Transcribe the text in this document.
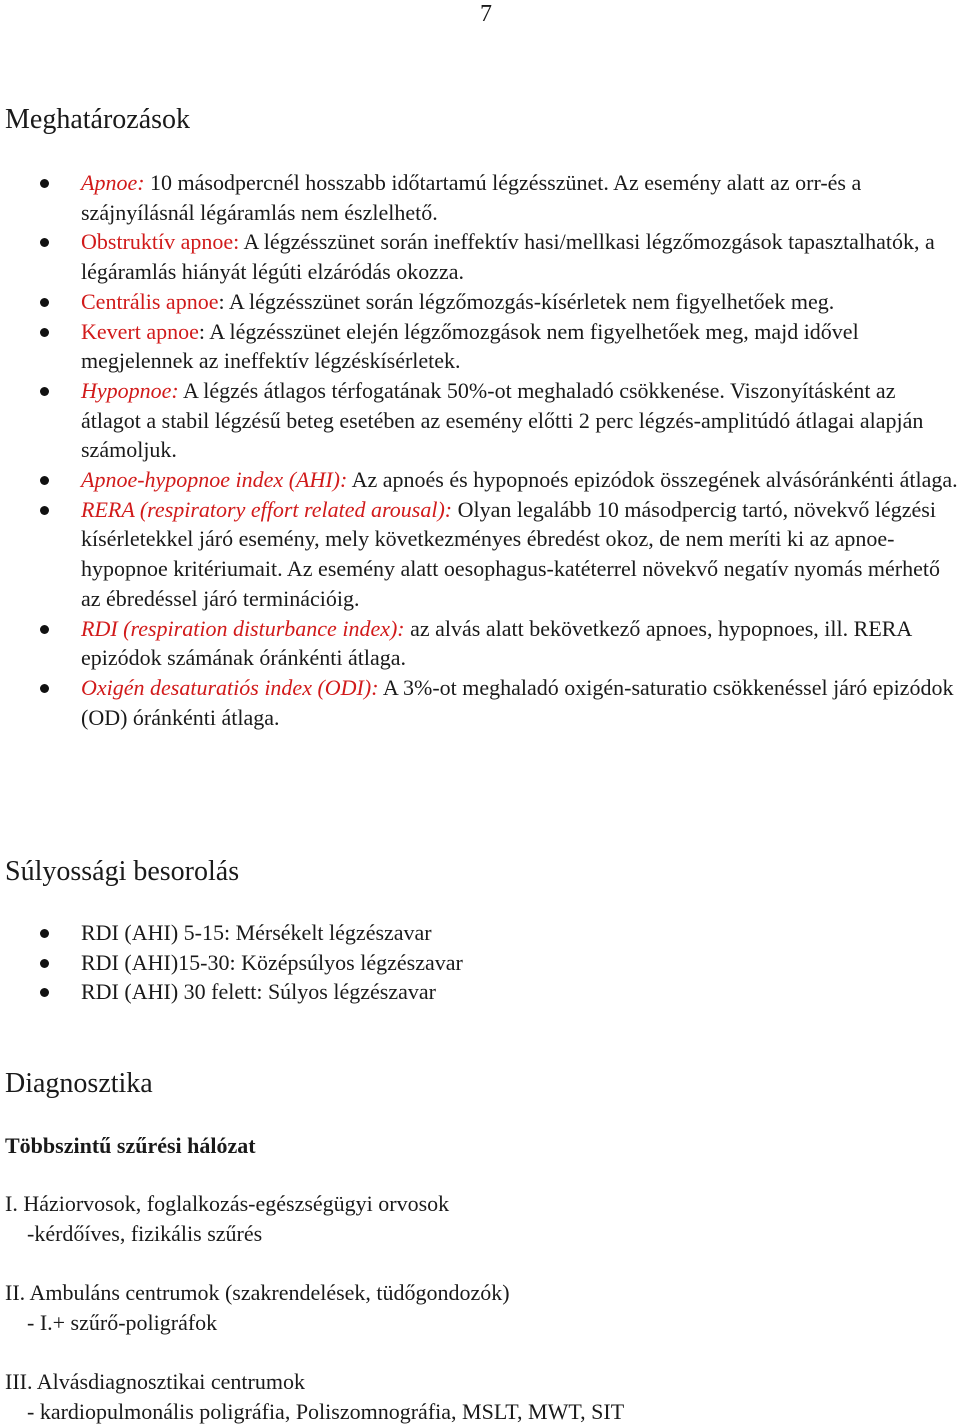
7
Meghatározások
Apnoe: 10 másodpercnél hosszabb időtartamú légzésszünet. Az esemény alatt az orr-és a szájnyílásnál légáramlás nem észlelhető.
Obstruktív apnoe: A légzésszünet során ineffektív hasi/mellkasi légzőmozgások tapasztalhatók, a légáramlás hiányát légúti elzáródás okozza.
Centrális apnoe: A légzésszünet során légzőmozgás-kísérletek nem figyelhetőek meg.
Kevert apnoe: A légzésszünet elején légzőmozgások nem figyelhetőek meg, majd idővel megjelennek az ineffektív légzéskísérletek.
Hypopnoe: A légzés átlagos térfogatának 50%-ot meghaladó csökkenése. Viszonyításként az átlagot a stabil légzésű beteg esetében az esemény előtti 2 perc légzés-amplitúdó átlagai alapján számoljuk.
Apnoe-hypopnoe index (AHI): Az apnoés és hypopnoés epizódok összegének alvásóránkénti átlaga.
RERA (respiratory effort related arousal): Olyan legalább 10 másodpercig tartó, növekvő légzési kísérletekkel járó esemény, mely következményes ébredést okoz, de nem meríti ki az apnoe-hypopnoe kritériumait. Az esemény alatt oesophagus-katéterrel növekvő negatív nyomás mérhető az ébredéssel járó terminációig.
RDI (respiration disturbance index): az alvás alatt bekövetkező apnoes, hypopnoes, ill. RERA epizódok számának óránkénti átlaga.
Oxigén desaturatiós index (ODI): A 3%-ot meghaladó oxigén-saturatio csökkenéssel járó epizódok (OD) óránkénti átlaga.
Súlyossági besorolás
RDI (AHI) 5-15: Mérsékelt légzészavar
RDI (AHI)15-30: Középsúlyos légzészavar
RDI (AHI) 30 felett: Súlyos légzészavar
Diagnosztika
Többszintű szűrési hálózat
I. Háziorvosok, foglalkozás-egészségügyi orvosok
-kérdőíves, fizikális szűrés
II. Ambuláns centrumok (szakrendelések, tüdőgondozók)
- I.+ szűrő-poligráfok
III. Alvásdiagnosztikai centrumok
- kardiopulmonális poligráfia, Poliszomnográfia, MSLT, MWT, SIT
